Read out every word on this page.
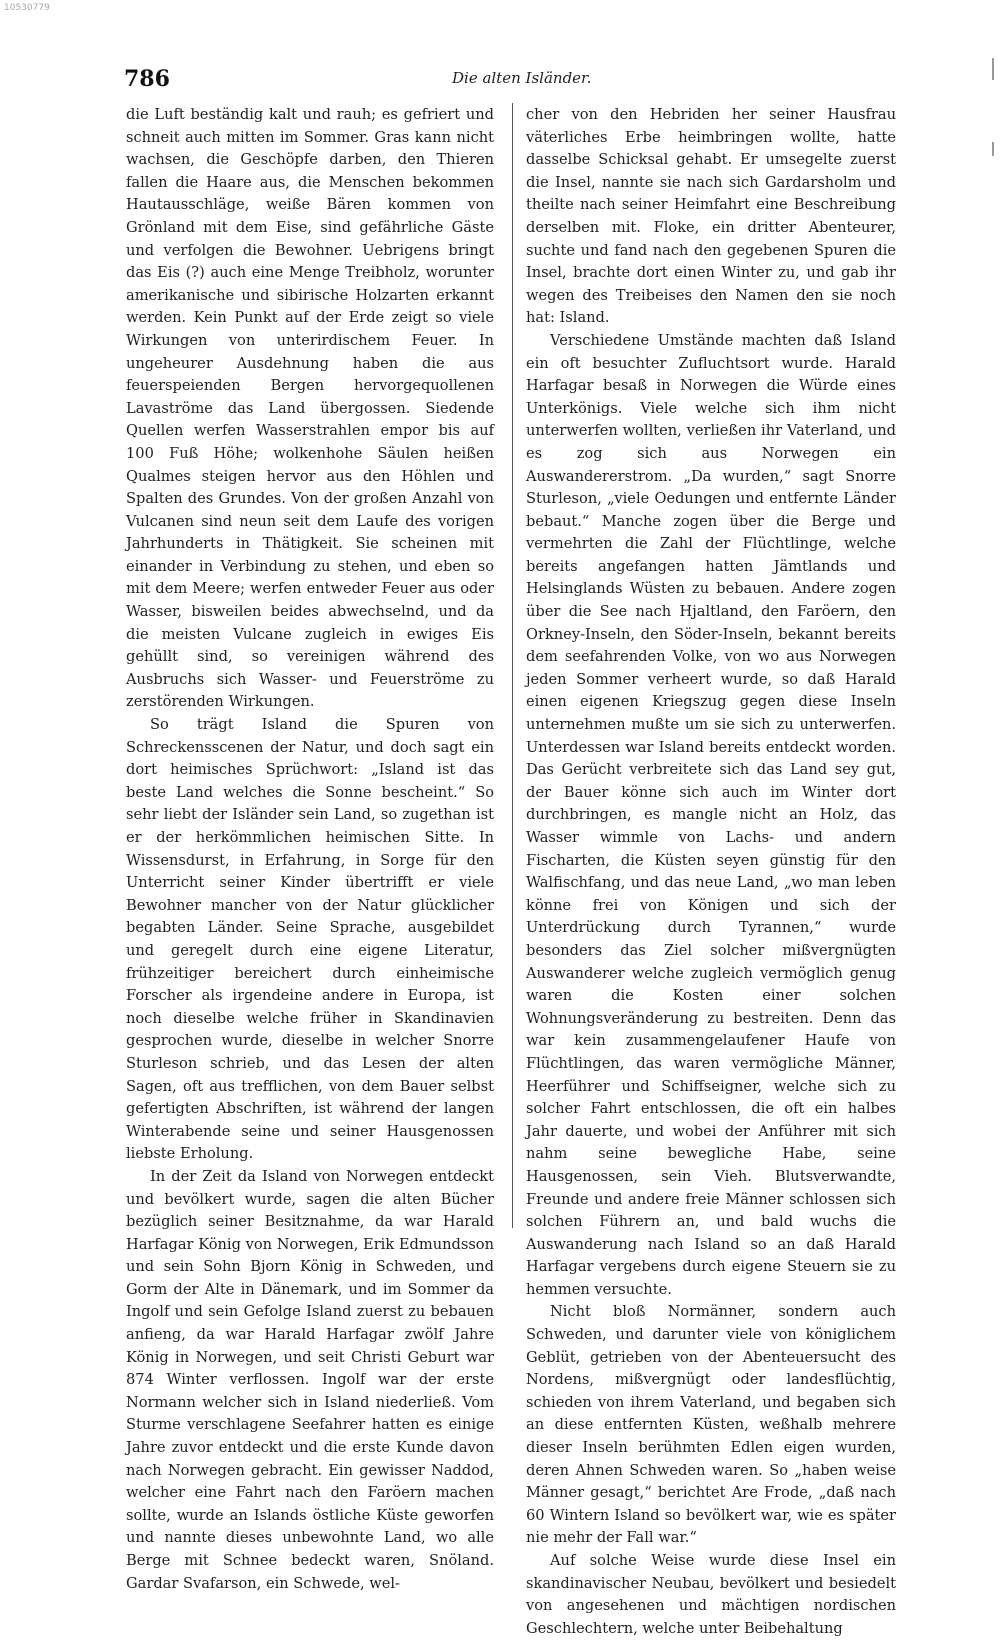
10530779
786	Die alten Isländer.

die Luft beständig kalt und rauh; es gefriert und schneit auch mitten im Sommer. Gras kann nicht wachsen, die Geschöpfe darben, den Thieren fallen die Haare aus, die Menschen bekommen Hautausschläge, weiße Bären kommen von Grönland mit dem Eise, sind gefährliche Gäste und verfolgen die Bewohner. Uebrigens bringt das Eis (?) auch eine Menge Treibholz, worunter amerikanische und sibirische Holzarten erkannt werden. Kein Punkt auf der Erde zeigt so viele Wirkungen von unterirdischem Feuer. In ungeheurer Ausdehnung haben die aus feuerspeienden Bergen hervorgequollenen Lavaströme das Land übergossen. Siedende Quellen werfen Wasserstrahlen empor bis auf 100 Fuß Höhe; wolkenhohe Säulen heißen Qualmes steigen hervor aus den Höhlen und Spalten des Grundes. Von der großen Anzahl von Vulcanen sind neun seit dem Laufe des vorigen Jahrhunderts in Thätigkeit. Sie scheinen mit einander in Verbindung zu stehen, und eben so mit dem Meere; werfen entweder Feuer aus oder Wasser, bisweilen beides abwechselnd, und da die meisten Vulcane zugleich in ewiges Eis gehüllt sind, so vereinigen während des Ausbruchs sich Wasser- und Feuerströme zu zerstörenden Wirkungen.

So trägt Island die Spuren von Schreckensscenen der Natur, und doch sagt ein dort heimisches Sprüchwort: „Island ist das beste Land welches die Sonne bescheint.“ So sehr liebt der Isländer sein Land, so zugethan ist er der herkömmlichen heimischen Sitte. In Wissensdurst, in Erfahrung, in Sorge für den Unterricht seiner Kinder übertrifft er viele Bewohner mancher von der Natur glücklicher begabten Länder. Seine Sprache, ausgebildet und geregelt durch eine eigene Literatur, frühzeitiger bereichert durch einheimische Forscher als irgendeine andere in Europa, ist noch dieselbe welche früher in Skandinavien gesprochen wurde, dieselbe in welcher Snorre Sturleson schrieb, und das Lesen der alten Sagen, oft aus trefflichen, von dem Bauer selbst gefertigten Abschriften, ist während der langen Winterabende seine und seiner Hausgenossen liebste Erholung.

In der Zeit da Island von Norwegen entdeckt und bevölkert wurde, sagen die alten Bücher bezüglich seiner Besitznahme, da war Harald Harfagar König von Norwegen, Erik Edmundsson und sein Sohn Bjorn König in Schweden, und Gorm der Alte in Dänemark, und im Sommer da Ingolf und sein Gefolge Island zuerst zu bebauen anfieng, da war Harald Harfagar zwölf Jahre König in Norwegen, und seit Christi Geburt war 874 Winter verflossen. Ingolf war der erste Normann welcher sich in Island niederließ. Vom Sturme verschlagene Seefahrer hatten es einige Jahre zuvor entdeckt und die erste Kunde davon nach Norwegen gebracht. Ein gewisser Naddod, welcher eine Fahrt nach den Faröern machen sollte, wurde an Islands östliche Küste geworfen und nannte dieses unbewohnte Land, wo alle Berge mit Schnee bedeckt waren, Snöland. Gardar Svafarson, ein Schwede, wel-

cher von den Hebriden her seiner Hausfrau väterliches Erbe heimbringen wollte, hatte dasselbe Schicksal gehabt. Er umsegelte zuerst die Insel, nannte sie nach sich Gardarsholm und theilte nach seiner Heimfahrt eine Beschreibung derselben mit. Floke, ein dritter Abenteurer, suchte und fand nach den gegebenen Spuren die Insel, brachte dort einen Winter zu, und gab ihr wegen des Treibeises den Namen den sie noch hat: Island.

Verschiedene Umstände machten daß Island ein oft besuchter Zufluchtsort wurde. Harald Harfagar besaß in Norwegen die Würde eines Unterkönigs. Viele welche sich ihm nicht unterwerfen wollten, verließen ihr Vaterland, und es zog sich aus Norwegen ein Auswandererstrom. „Da wurden,“ sagt Snorre Sturleson, „viele Oedungen und entfernte Länder bebaut.“ Manche zogen über die Berge und vermehrten die Zahl der Flüchtlinge, welche bereits angefangen hatten Jämtlands und Helsinglands Wüsten zu bebauen. Andere zogen über die See nach Hjaltland, den Faröern, den Orkney-Inseln, den Söder-Inseln, bekannt bereits dem seefahrenden Volke, von wo aus Norwegen jeden Sommer verheert wurde, so daß Harald einen eigenen Kriegszug gegen diese Inseln unternehmen mußte um sie sich zu unterwerfen. Unterdessen war Island bereits entdeckt worden. Das Gerücht verbreitete sich das Land sey gut, der Bauer könne sich auch im Winter dort durchbringen, es mangle nicht an Holz, das Wasser wimmle von Lachs- und andern Fischarten, die Küsten seyen günstig für den Walfischfang, und das neue Land, „wo man leben könne frei von Königen und sich der Unterdrückung durch Tyrannen,“ wurde besonders das Ziel solcher mißvergnügten Auswanderer welche zugleich vermöglich genug waren die Kosten einer solchen Wohnungsveränderung zu bestreiten. Denn das war kein zusammengelaufener Haufe von Flüchtlingen, das waren vermögliche Männer, Heerführer und Schiffseigner, welche sich zu solcher Fahrt entschlossen, die oft ein halbes Jahr dauerte, und wobei der Anführer mit sich nahm seine bewegliche Habe, seine Hausgenossen, sein Vieh. Blutsverwandte, Freunde und andere freie Männer schlossen sich solchen Führern an, und bald wuchs die Auswanderung nach Island so an daß Harald Harfagar vergebens durch eigene Steuern sie zu hemmen versuchte.

Nicht bloß Normänner, sondern auch Schweden, und darunter viele von königlichem Geblüt, getrieben von der Abenteuersucht des Nordens, mißvergnügt oder landesflüchtig, schieden von ihrem Vaterland, und begaben sich an diese entfernten Küsten, weßhalb mehrere dieser Inseln berühmten Edlen eigen wurden, deren Ahnen Schweden waren. So „haben weise Männer gesagt,“ berichtet Are Frode, „daß nach 60 Wintern Island so bevölkert war, wie es später nie mehr der Fall war.“

Auf solche Weise wurde diese Insel ein skandinavischer Neubau, bevölkert und besiedelt von angesehenen und mächtigen nordischen Geschlechtern, welche unter Beibehaltung
